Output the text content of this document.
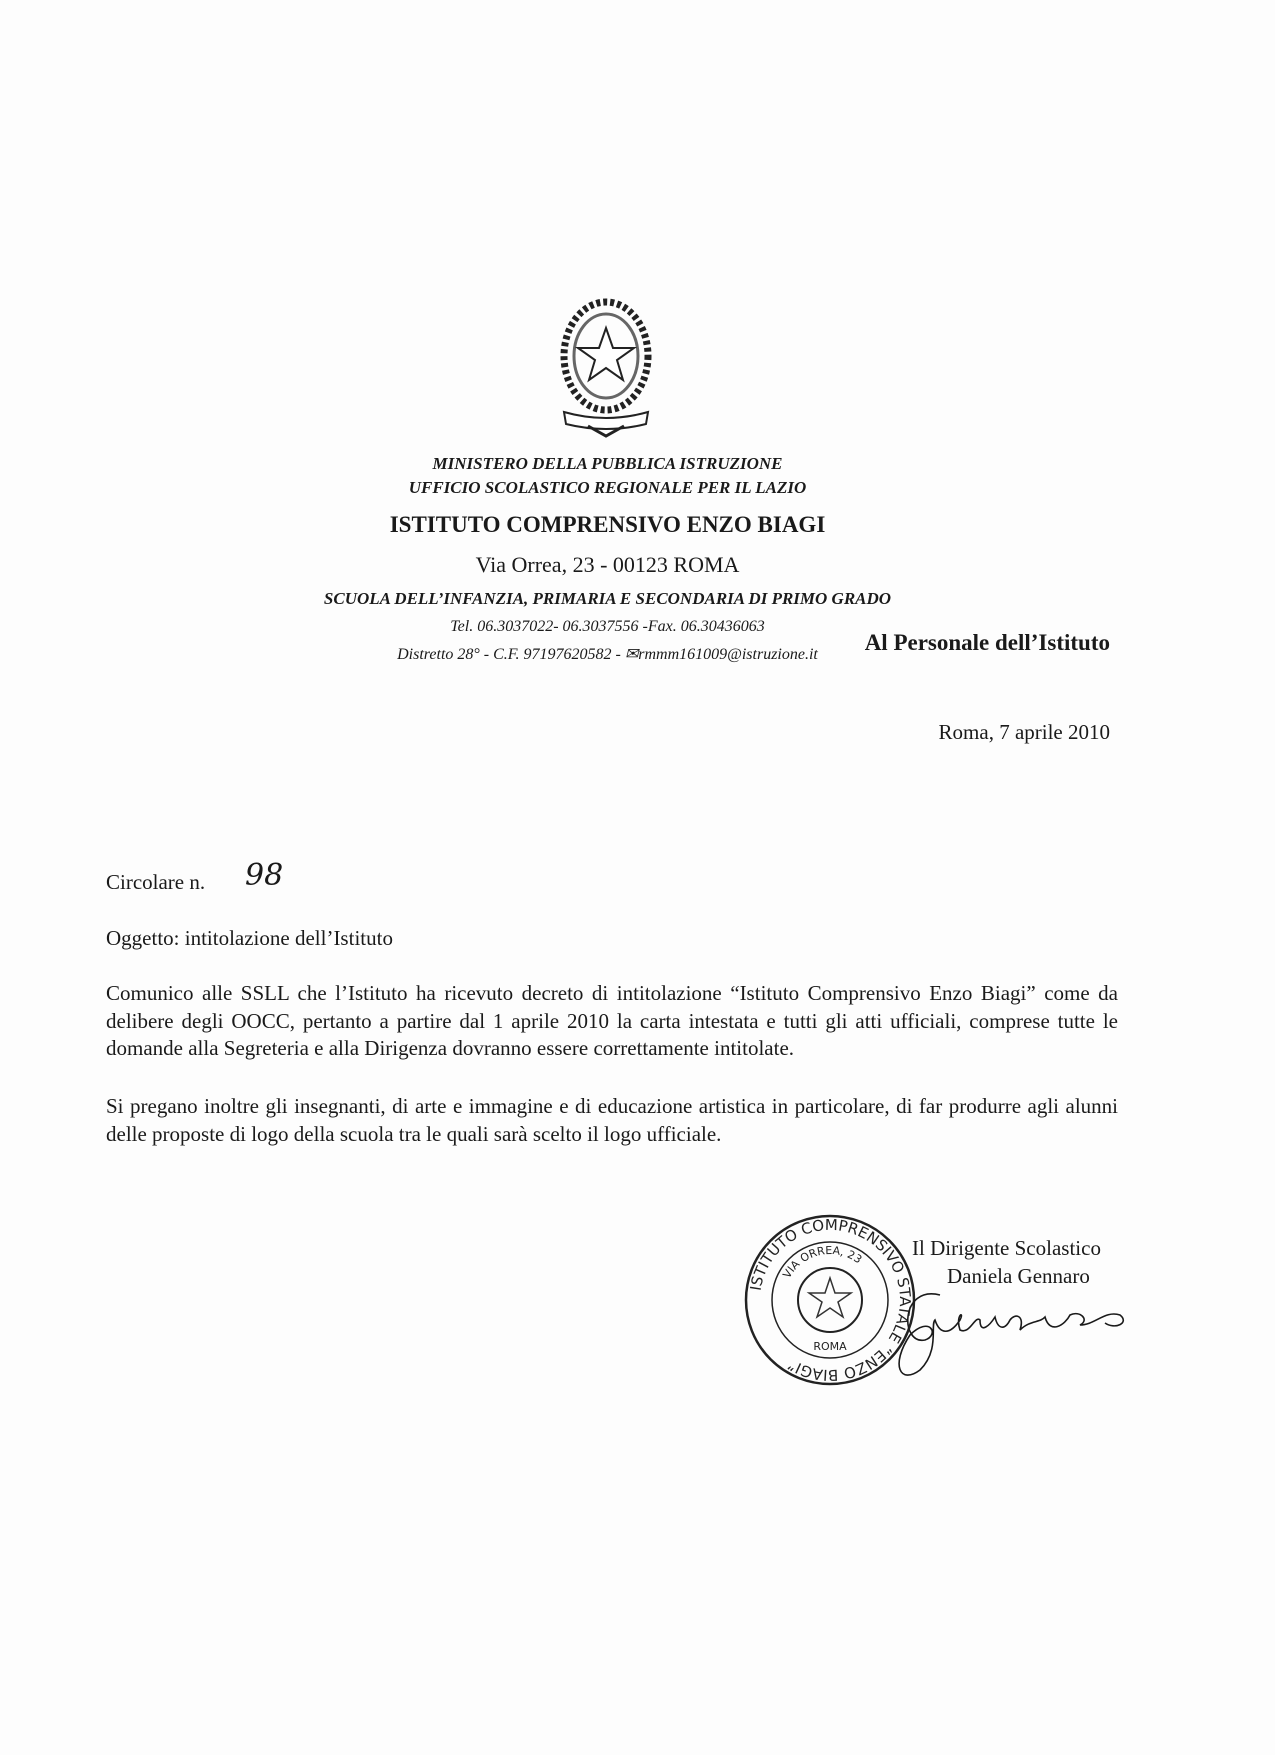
MINISTERO DELLA PUBBLICA ISTRUZIONE
UFFICIO SCOLASTICO REGIONALE PER IL LAZIO
ISTITUTO COMPRENSIVO ENZO BIAGI
Via Orrea, 23 - 00123 ROMA
SCUOLA DELL’INFANZIA, PRIMARIA E SECONDARIA DI PRIMO GRADO
Tel. 06.3037022- 06.3037556 -Fax. 06.30436063
Distretto 28° - C.F. 97197620582 - ✉rmmm161009@istruzione.it	Al Personale dell’Istituto
Roma, 7 aprile 2010
Circolare n. 98
Oggetto: intitolazione dell’Istituto
Comunico alle SSLL che l’Istituto ha ricevuto decreto di intitolazione “Istituto Comprensivo Enzo Biagi” come da delibere degli OOCC, pertanto a partire dal 1 aprile 2010 la carta intestata e tutti gli atti ufficiali, comprese tutte le domande alla Segreteria e alla Dirigenza dovranno essere correttamente intitolate.
Si pregano inoltre gli insegnanti, di arte e immagine e di educazione artistica in particolare, di far produrre agli alunni delle proposte di logo della scuola tra le quali sarà scelto il logo ufficiale.
ISTITUTO COMPRENSIVO STATALE “ENZO BIAGI”
VIA ORREA, 23
ROMA
Il Dirigente Scolastico
Daniela Gennaro
